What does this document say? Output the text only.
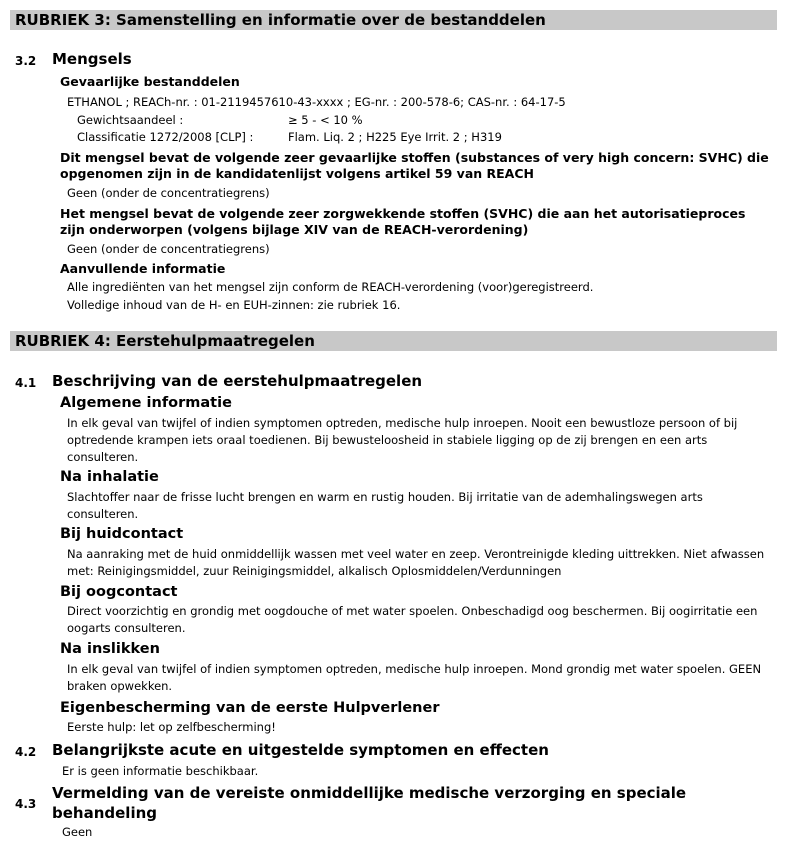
RUBRIEK 3: Samenstelling en informatie over de bestanddelen
3.2 Mengsels
Gevaarlijke bestanddelen
ETHANOL ; REACh-nr. : 01-2119457610-43-xxxx ; EG-nr. : 200-578-6; CAS-nr. : 64-17-5
Gewichtsaandeel :	≥ 5 - < 10 %
Classificatie 1272/2008 [CLP] :	Flam. Liq. 2 ; H225 Eye Irrit. 2 ; H319
Dit mengsel bevat de volgende zeer gevaarlijke stoffen (substances of very high concern: SVHC) die opgenomen zijn in de kandidatenlijst volgens artikel 59 van REACH
Geen (onder de concentratiegrens)
Het mengsel bevat de volgende zeer zorgwekkende stoffen (SVHC) die aan het autorisatieproces zijn onderworpen (volgens bijlage XIV van de REACH-verordening)
Geen (onder de concentratiegrens)
Aanvullende informatie
Alle ingrediënten van het mengsel zijn conform de REACH-verordening (voor)geregistreerd.
Volledige inhoud van de H- en EUH-zinnen: zie rubriek 16.
RUBRIEK 4: Eerstehulpmaatregelen
4.1 Beschrijving van de eerstehulpmaatregelen
Algemene informatie
In elk geval van twijfel of indien symptomen optreden, medische hulp inroepen. Nooit een bewustloze persoon of bij optredende krampen iets oraal toedienen. Bij bewusteloosheid in stabiele ligging op de zij brengen en een arts consulteren.
Na inhalatie
Slachtoffer naar de frisse lucht brengen en warm en rustig houden. Bij irritatie van de ademhalingswegen arts consulteren.
Bij huidcontact
Na aanraking met de huid onmiddellijk wassen met veel water en zeep. Verontreinigde kleding uittrekken. Niet afwassen met: Reinigingsmiddel, zuur Reinigingsmiddel, alkalisch Oplosmiddelen/Verdunningen
Bij oogcontact
Direct voorzichtig en grondig met oogdouche of met water spoelen. Onbeschadigd oog beschermen. Bij oogirritatie een oogarts consulteren.
Na inslikken
In elk geval van twijfel of indien symptomen optreden, medische hulp inroepen. Mond grondig met water spoelen. GEEN braken opwekken.
Eigenbescherming van de eerste Hulpverlener
Eerste hulp: let op zelfbescherming!
4.2 Belangrijkste acute en uitgestelde symptomen en effecten
Er is geen informatie beschikbaar.
4.3
Vermelding van de vereiste onmiddellijke medische verzorging en speciale behandeling
Geen
